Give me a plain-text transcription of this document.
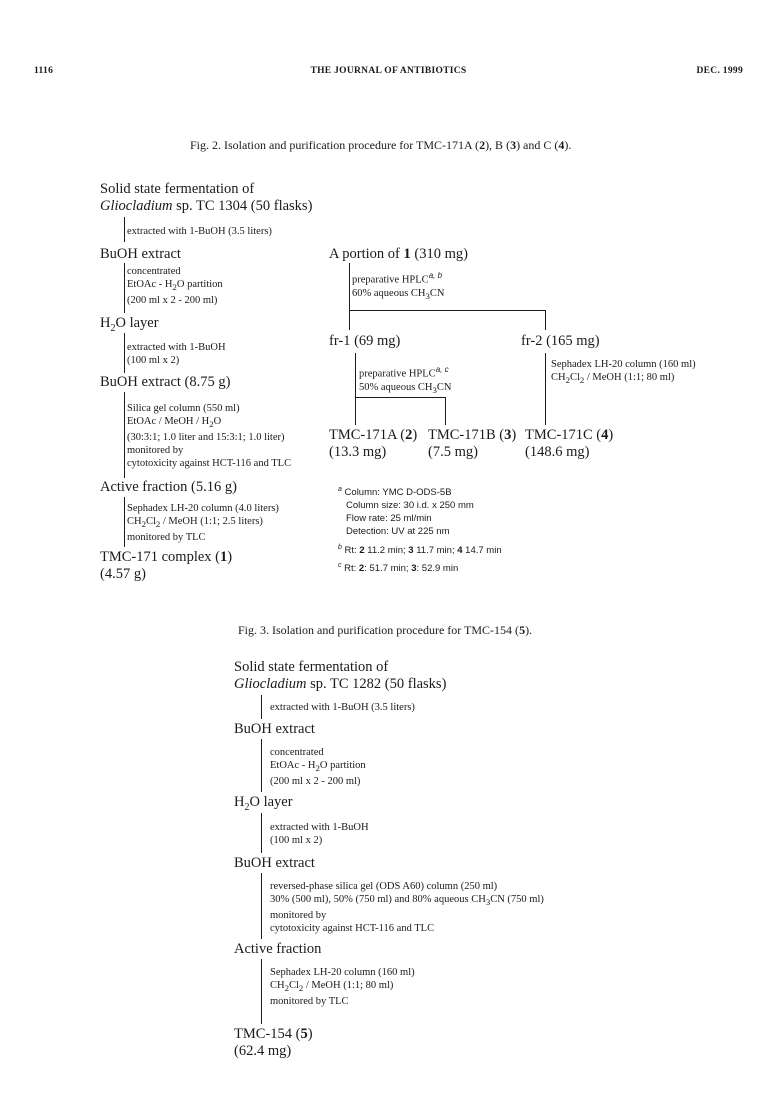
1116	THE JOURNAL OF ANTIBIOTICS	DEC. 1999
Fig. 2. Isolation and purification procedure for TMC-171A (2), B (3) and C (4).
Solid state fermentation of
Gliocladium sp. TC 1304 (50 flasks)
extracted with 1-BuOH (3.5 liters)
BuOH extract
concentrated
EtOAc - $H_2O$ partition
(200 ml x 2 - 200 ml)
$H_2O$ layer
extracted with 1-BuOH
(100 ml x 2)
BuOH extract (8.75 g)
Silica gel column (550 ml)
EtOAc / MeOH / $H_2O$
(30:3:1; 1.0 liter and 15:3:1; 1.0 liter)
monitored by
cytotoxicity against HCT-116 and TLC
Active fraction (5.16 g)
Sephadex LH-20 column (4.0 liters)
$CH_2Cl_2$ / MeOH (1:1; 2.5 liters)
monitored by TLC
TMC-171 complex (1)
(4.57 g)
A portion of 1 (310 mg)
preparative HPLC$^{a, b}$
60% aqueous $CH_3CN$
fr-1 (69 mg)	fr-2 (165 mg)
preparative HPLC$^{a, c}$
50% aqueous $CH_3CN$
Sephadex LH-20 column (160 ml)
$CH_2Cl_2$ / MeOH (1:1; 80 ml)
TMC-171A (2)
(13.3 mg)
TMC-171B (3)
(7.5 mg)
TMC-171C (4)
(148.6 mg)
$^a$ Column: YMC D-ODS-5B
Column size: 30 i.d. x 250 mm
Flow rate: 25 ml/min
Detection: UV at 225 nm
$^b$ Rt: 2 11.2 min; 3 11.7 min; 4 14.7 min
$^c$ Rt: 2: 51.7 min; 3: 52.9 min
Fig. 3. Isolation and purification procedure for TMC-154 (5).
Solid state fermentation of
Gliocladium sp. TC 1282 (50 flasks)
extracted with 1-BuOH (3.5 liters)
BuOH extract
concentrated
EtOAc - $H_2O$ partition
(200 ml x 2 - 200 ml)
$H_2O$ layer
extracted with 1-BuOH
(100 ml x 2)
BuOH extract
reversed-phase silica gel (ODS A60) column (250 ml)
30% (500 ml), 50% (750 ml) and 80% aqueous $CH_3CN$ (750 ml)
monitored by
cytotoxicity against HCT-116 and TLC
Active fraction
Sephadex LH-20 column (160 ml)
$CH_2Cl_2$ / MeOH (1:1; 80 ml)
monitored by TLC
TMC-154 (5)
(62.4 mg)
